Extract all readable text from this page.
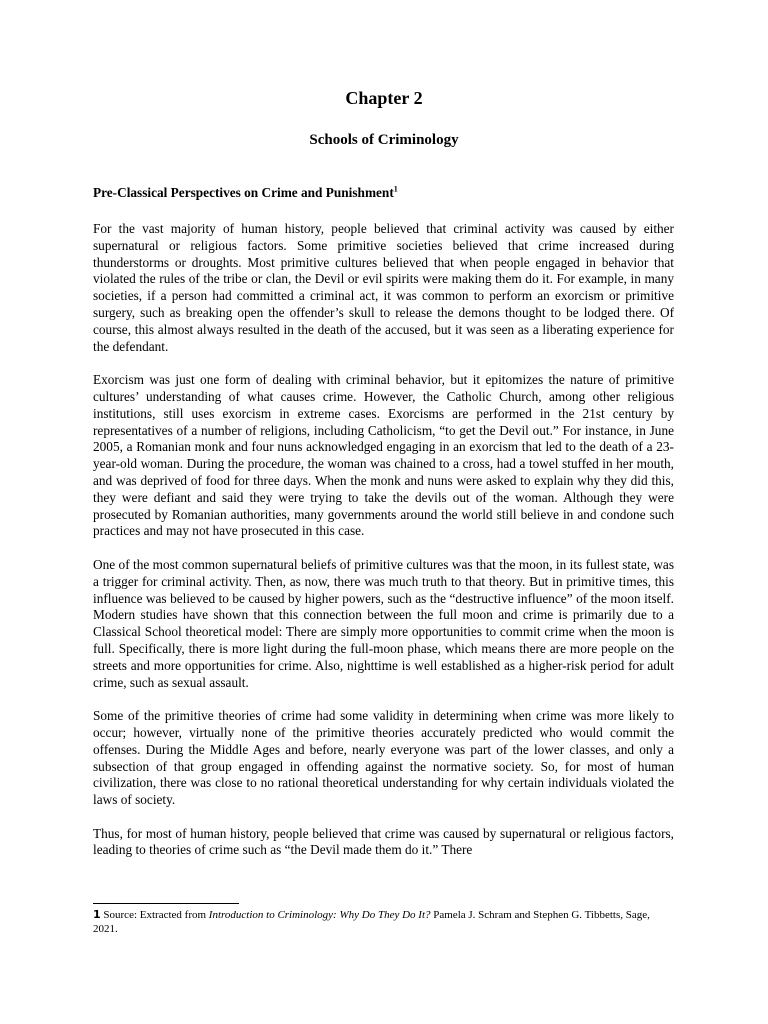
Chapter 2
Schools of Criminology
Pre-Classical Perspectives on Crime and Punishment$^1$

For the vast majority of human history, people believed that criminal activity was caused by either supernatural or religious factors. Some primitive societies believed that crime increased during thunderstorms or droughts. Most primitive cultures believed that when people engaged in behavior that violated the rules of the tribe or clan, the Devil or evil spirits were making them do it. For example, in many societies, if a person had committed a criminal act, it was common to perform an exorcism or primitive surgery, such as breaking open the offender’s skull to release the demons thought to be lodged there. Of course, this almost always resulted in the death of the accused, but it was seen as a liberating experience for the defendant.

Exorcism was just one form of dealing with criminal behavior, but it epitomizes the nature of primitive cultures’ understanding of what causes crime. However, the Catholic Church, among other religious institutions, still uses exorcism in extreme cases. Exorcisms are performed in the 21st century by representatives of a number of religions, including Catholicism, “to get the Devil out.” For instance, in June 2005, a Romanian monk and four nuns acknowledged engaging in an exorcism that led to the death of a 23-year-old woman. During the procedure, the woman was chained to a cross, had a towel stuffed in her mouth, and was deprived of food for three days. When the monk and nuns were asked to explain why they did this, they were defiant and said they were trying to take the devils out of the woman. Although they were prosecuted by Romanian authorities, many governments around the world still believe in and condone such practices and may not have prosecuted in this case.

One of the most common supernatural beliefs of primitive cultures was that the moon, in its fullest state, was a trigger for criminal activity. Then, as now, there was much truth to that theory. But in primitive times, this influence was believed to be caused by higher powers, such as the “destructive influence” of the moon itself. Modern studies have shown that this connection between the full moon and crime is primarily due to a Classical School theoretical model: There are simply more opportunities to commit crime when the moon is full. Specifically, there is more light during the full-moon phase, which means there are more people on the streets and more opportunities for crime. Also, nighttime is well established as a higher-risk period for adult crime, such as sexual assault.

Some of the primitive theories of crime had some validity in determining when crime was more likely to occur; however, virtually none of the primitive theories accurately predicted who would commit the offenses. During the Middle Ages and before, nearly everyone was part of the lower classes, and only a subsection of that group engaged in offending against the normative society. So, for most of human civilization, there was close to no rational theoretical understanding for why certain individuals violated the laws of society.

Thus, for most of human history, people believed that crime was caused by supernatural or religious factors, leading to theories of crime such as “the Devil made them do it.” There

1 Source: Extracted from Introduction to Criminology: Why Do They Do It? Pamela J. Schram and Stephen G. Tibbetts, Sage, 2021.
